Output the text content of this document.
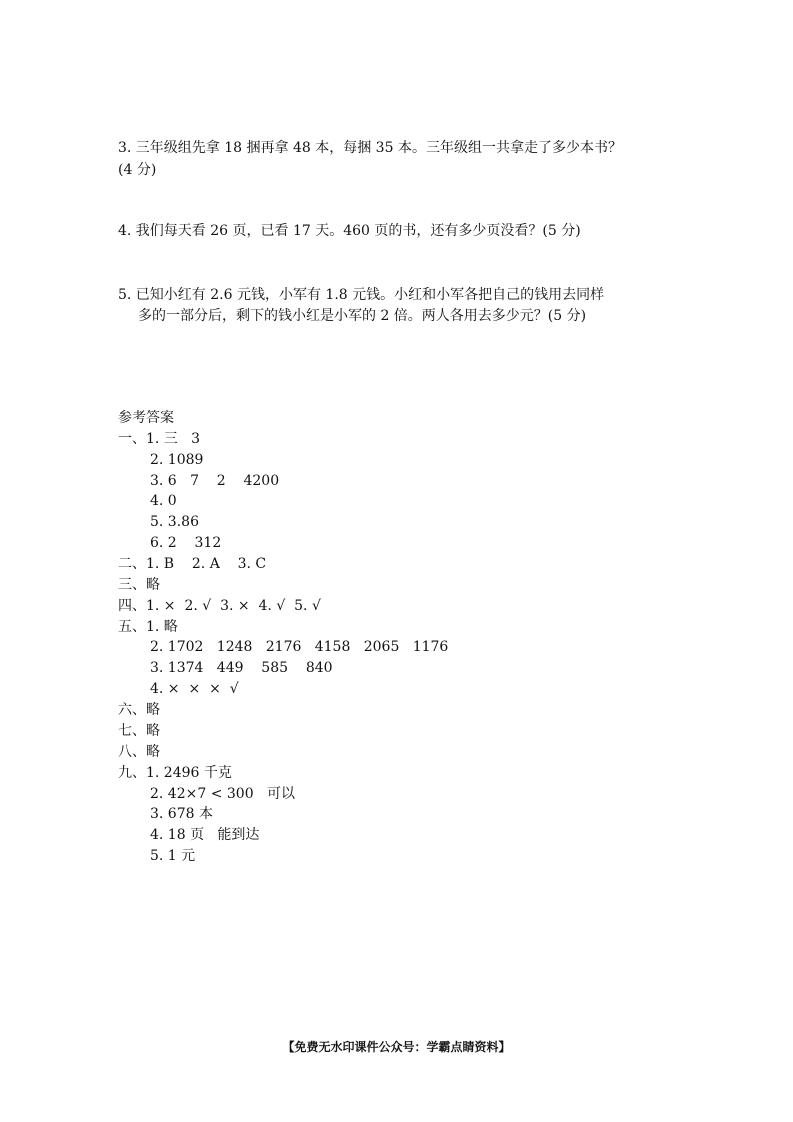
3. 三年级组先拿 18 捆再拿 48 本，每捆 35 本。三年级组一共拿走了多少本书？
(4 分)
4. 我们每天看 26 页，已看 17 天。460 页的书，还有多少页没看？(5 分)
5. 已知小红有 2.6 元钱，小军有 1.8 元钱。小红和小军各把自己的钱用去同样
多的一部分后，剩下的钱小红是小军的 2 倍。两人各用去多少元？(5 分)
参考答案
一、1. 三   3
2. 1089
3. 6   7    2    4200
4. 0
5. 3.86
6. 2    312
二、1. B    2. A    3. C
三、略
四、1. ×  2. √  3. ×  4. √  5. √
五、1. 略
2. 1702   1248   2176   4158   2065   1176
3. 1374   449    585    840
4. ×  ×  ×  √
六、略
七、略
八、略
九、1. 2496 千克
2. 42×7 < 300   可以
3. 678 本
4. 18 页   能到达
5. 1 元
【免费无水印课件公众号：学霸点睛资料】
